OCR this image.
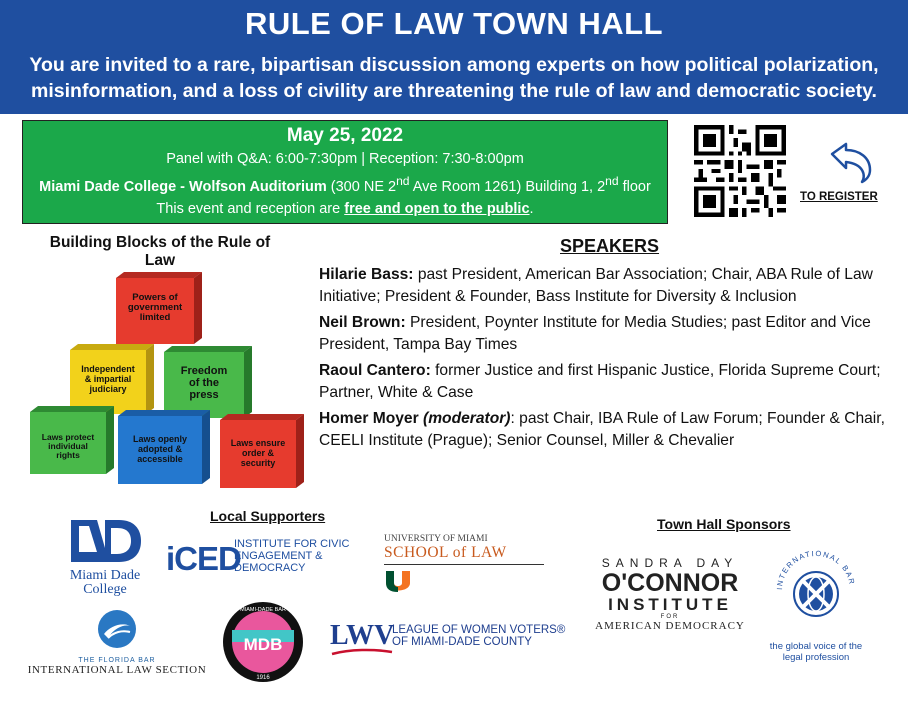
RULE OF LAW TOWN HALL
You are invited to a rare, bipartisan discussion among experts on how political polarization, misinformation, and a loss of civility are threatening the rule of law and democratic society.
May 25, 2022
Panel with Q&A: 6:00-7:30pm | Reception: 7:30-8:00pm
Miami Dade College - Wolfson Auditorium (300 NE 2nd Ave Room 1261) Building 1, 2nd floor
This event and reception are free and open to the public.
TO REGISTER
Building Blocks of the Rule of Law
Powers of government limited
Independent & impartial judiciary
Freedom of the press
Laws protect individual rights
Laws openly adopted & accessible
Laws ensure order & security
SPEAKERS
Hilarie Bass: past President, American Bar Association; Chair, ABA Rule of Law Initiative; President & Founder, Bass Institute for Diversity & Inclusion
Neil Brown: President, Poynter Institute for Media Studies; past Editor and Vice President, Tampa Bay Times
Raoul Cantero: former Justice and first Hispanic Justice, Florida Supreme Court; Partner, White & Case
Homer Moyer (moderator): past Chair, IBA Rule of Law Forum; Founder & Chair, CEELI Institute (Prague); Senior Counsel, Miller & Chevalier
Local Supporters
Miami Dade College
iCED
INSTITUTE FOR CIVIC ENGAGEMENT & DEMOCRACY
UNIVERSITY OF MIAMI
SCHOOL of LAW
THE FLORIDA BAR
INTERNATIONAL LAW SECTION
MDB
MIAMI-DADE BAR
1916
LWV
LEAGUE OF WOMEN VOTERS® OF MIAMI-DADE COUNTY
Town Hall Sponsors
SANDRA DAY
O'CONNOR
INSTITUTE
FOR
AMERICAN DEMOCRACY
INTERNATIONAL BAR
the global voice of the legal profession
